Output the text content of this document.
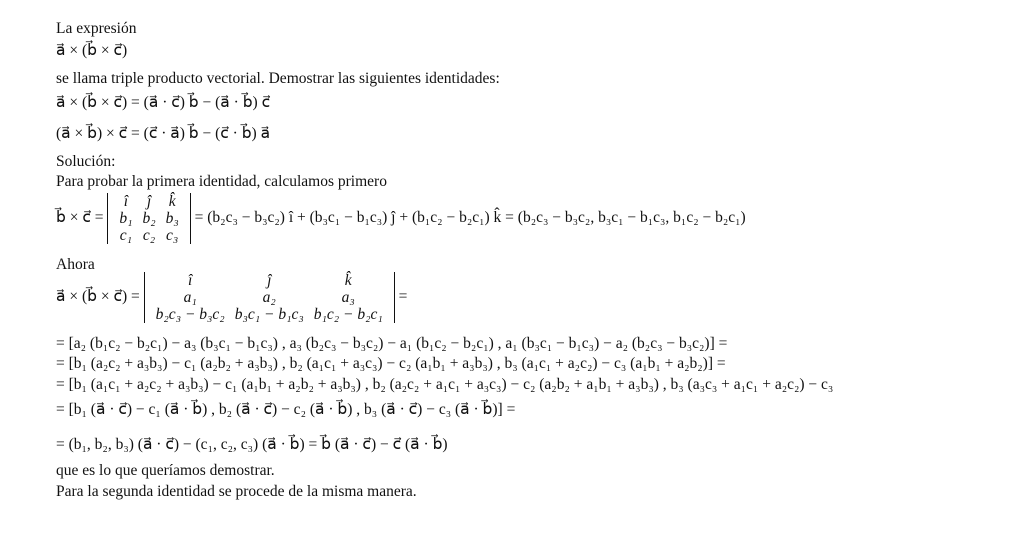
La expresión
a⃗ × (b⃗ × c⃗)
se llama triple producto vectorial. Demostrar las siguientes identidades:
a⃗ × (b⃗ × c⃗) = (a⃗ · c⃗) b⃗ − (a⃗ · b⃗) c⃗
(a⃗ × b⃗) × c⃗ = (c⃗ · a⃗) b⃗ − (c⃗ · b⃗) a⃗
Solución:
Para probar la primera identidad, calculamos primero
b⃗ × c⃗ =
î	ĵ	k̂
b₁	b₂	b₃
c₁	c₂	c₃
= (b₂c₃ − b₃c₂) î + (b₃c₁ − b₁c₃) ĵ + (b₁c₂ − b₂c₁) k̂ = (b₂c₃ − b₃c₂, b₃c₁ − b₁c₃, b₁c₂ − b₂c₁)
Ahora
a⃗ × (b⃗ × c⃗) =
î	ĵ	k̂
a₁	a₂	a₃
b₂c₃ − b₃c₂	b₃c₁ − b₁c₃	b₁c₂ − b₂c₁
=
= [a₂ (b₁c₂ − b₂c₁) − a₃ (b₃c₁ − b₁c₃) , a₃ (b₂c₃ − b₃c₂) − a₁ (b₁c₂ − b₂c₁) , a₁ (b₃c₁ − b₁c₃) − a₂ (b₂c₃ − b₃c₂)] =
= [b₁ (a₂c₂ + a₃b₃) − c₁ (a₂b₂ + a₃b₃) , b₂ (a₁c₁ + a₃c₃) − c₂ (a₁b₁ + a₃b₃) , b₃ (a₁c₁ + a₂c₂) − c₃ (a₁b₁ + a₂b₂)] =
= [b₁ (a₁c₁ + a₂c₂ + a₃b₃) − c₁ (a₁b₁ + a₂b₂ + a₃b₃) , b₂ (a₂c₂ + a₁c₁ + a₃c₃) − c₂ (a₂b₂ + a₁b₁ + a₃b₃) , b₃ (a₃c₃ + a₁c₁ + a₂c₂) − c₃
= [b₁ (a⃗ · c⃗) − c₁ (a⃗ · b⃗) , b₂ (a⃗ · c⃗) − c₂ (a⃗ · b⃗) , b₃ (a⃗ · c⃗) − c₃ (a⃗ · b⃗)] =
= (b₁, b₂, b₃) (a⃗ · c⃗) − (c₁, c₂, c₃) (a⃗ · b⃗) = b⃗ (a⃗ · c⃗) − c⃗ (a⃗ · b⃗)
que es lo que queríamos demostrar.
Para la segunda identidad se procede de la misma manera.
